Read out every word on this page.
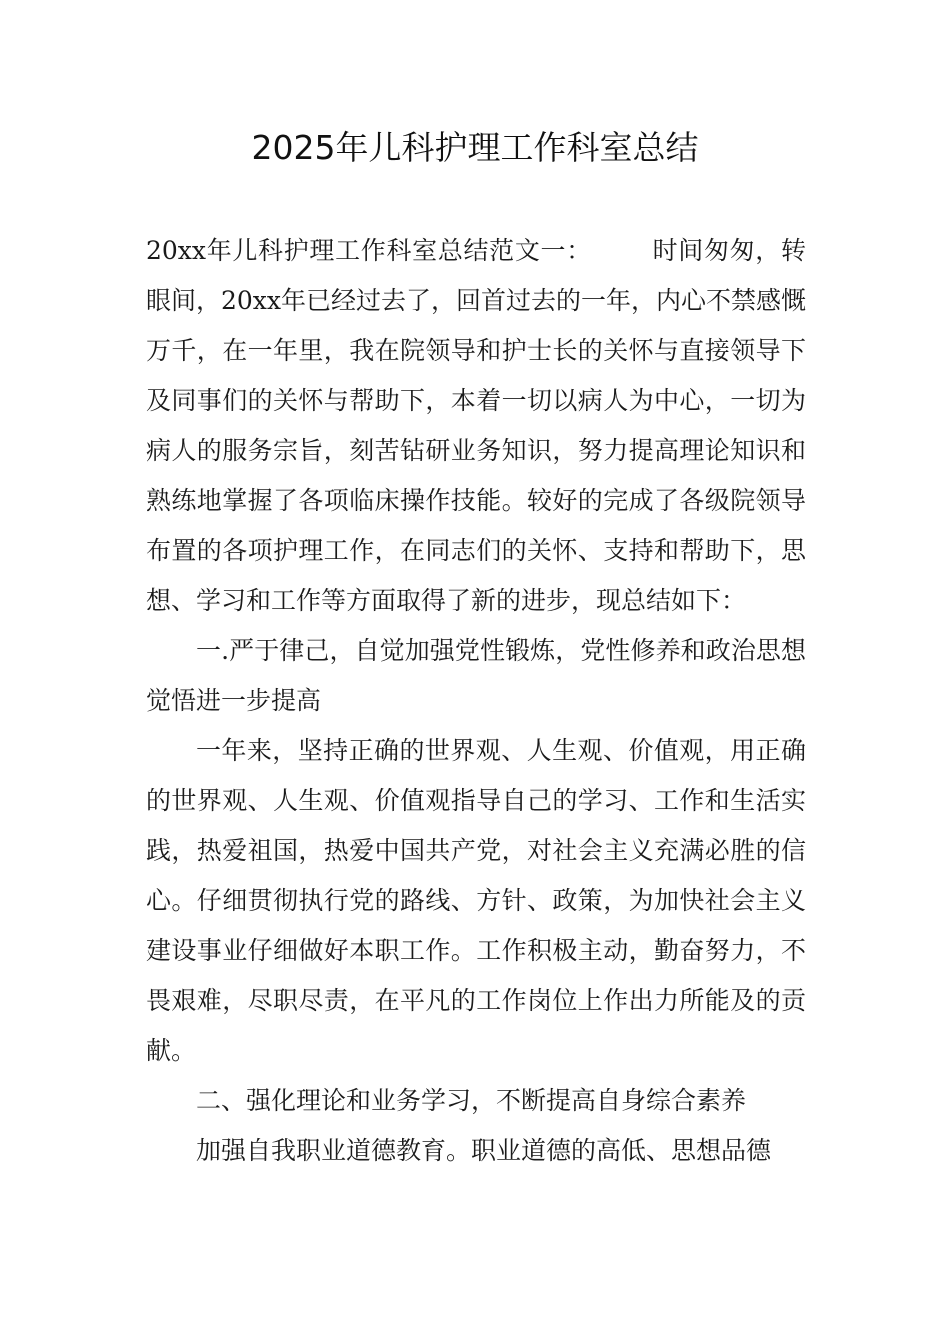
2025年儿科护理工作科室总结

20xx年儿科护理工作科室总结范文一： 时间匆匆，转眼间，20xx年已经过去了，回首过去的一年，内心不禁感慨万千，在一年里，我在院领导和护士长的关怀与直接领导下及同事们的关怀与帮助下，本着一切以病人为中心，一切为病人的服务宗旨，刻苦钻研业务知识，努力提高理论知识和熟练地掌握了各项临床操作技能。较好的完成了各级院领导布置的各项护理工作，在同志们的关怀、支持和帮助下，思想、学习和工作等方面取得了新的进步，现总结如下：

一.严于律己，自觉加强党性锻炼，党性修养和政治思想觉悟进一步提高

一年来，坚持正确的世界观、人生观、价值观，用正确的世界观、人生观、价值观指导自己的学习、工作和生活实践，热爱祖国，热爱中国共产党，对社会主义充满必胜的信心。仔细贯彻执行党的路线、方针、政策，为加快社会主义建设事业仔细做好本职工作。工作积极主动，勤奋努力，不畏艰难，尽职尽责，在平凡的工作岗位上作出力所能及的贡献。

二、强化理论和业务学习，不断提高自身综合素养

加强自我职业道德教育。职业道德的高低、思想品德
